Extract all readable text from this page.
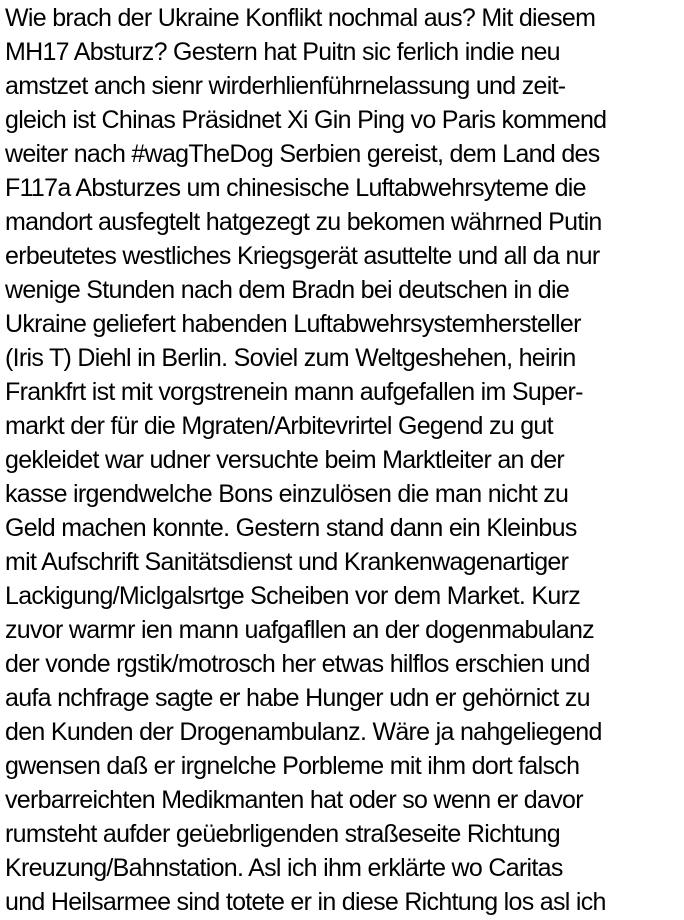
Wie brach der Ukraine Konflikt nochmal aus? Mit diesem
MH17 Absturz? Gestern hat Puitn sic ferlich indie neu
amstzet anch sienr wirderhlienführnelassung und zeit-
gleich ist Chinas Präsidnet Xi Gin Ping vo Paris kommend
weiter nach #wagTheDog Serbien gereist, dem Land des
F117a Absturzes um chinesische Luftabwehrsyteme die
mandort ausfegtelt hatgezegt zu bekomen währned Putin
erbeutetes westliches Kriegsgerät asuttelte und all da nur
wenige Stunden nach dem Bradn bei deutschen in die
Ukraine geliefert habenden Luftabwehrsystemhersteller
(Iris T) Diehl in Berlin. Soviel zum Weltgeshehen, heirin
Frankfrt ist mit vorgstrenein mann aufgefallen im Super-
markt der für die Mgraten/Arbitevrirtel Gegend zu gut
gekleidet war udner versuchte beim Marktleiter an der
kasse irgendwelche Bons einzulösen die man nicht zu
Geld machen konnte. Gestern stand dann ein Kleinbus
mit Aufschrift Sanitätsdienst und Krankenwagenartiger
Lackigung/Miclgalsrtge Scheiben vor dem Market. Kurz
zuvor warmr ien mann uafgafllen an der dogenmabulanz
der vonde rgstik/motrosch her etwas hilflos erschien und
aufa nchfrage sagte er habe Hunger udn er gehörnict zu
den Kunden der Drogenambulanz. Wäre ja nahgeliegend
gwensen daß er irgnelche Porbleme mit ihm dort falsch
verbarreichten Medikmanten hat oder so wenn er davor
rumsteht aufder geüebrligenden straßeseite Richtung
Kreuzung/Bahnstation. Asl ich ihm erklärte wo Caritas
und Heilsarmee sind totete er in diese Richtung los asl ich
